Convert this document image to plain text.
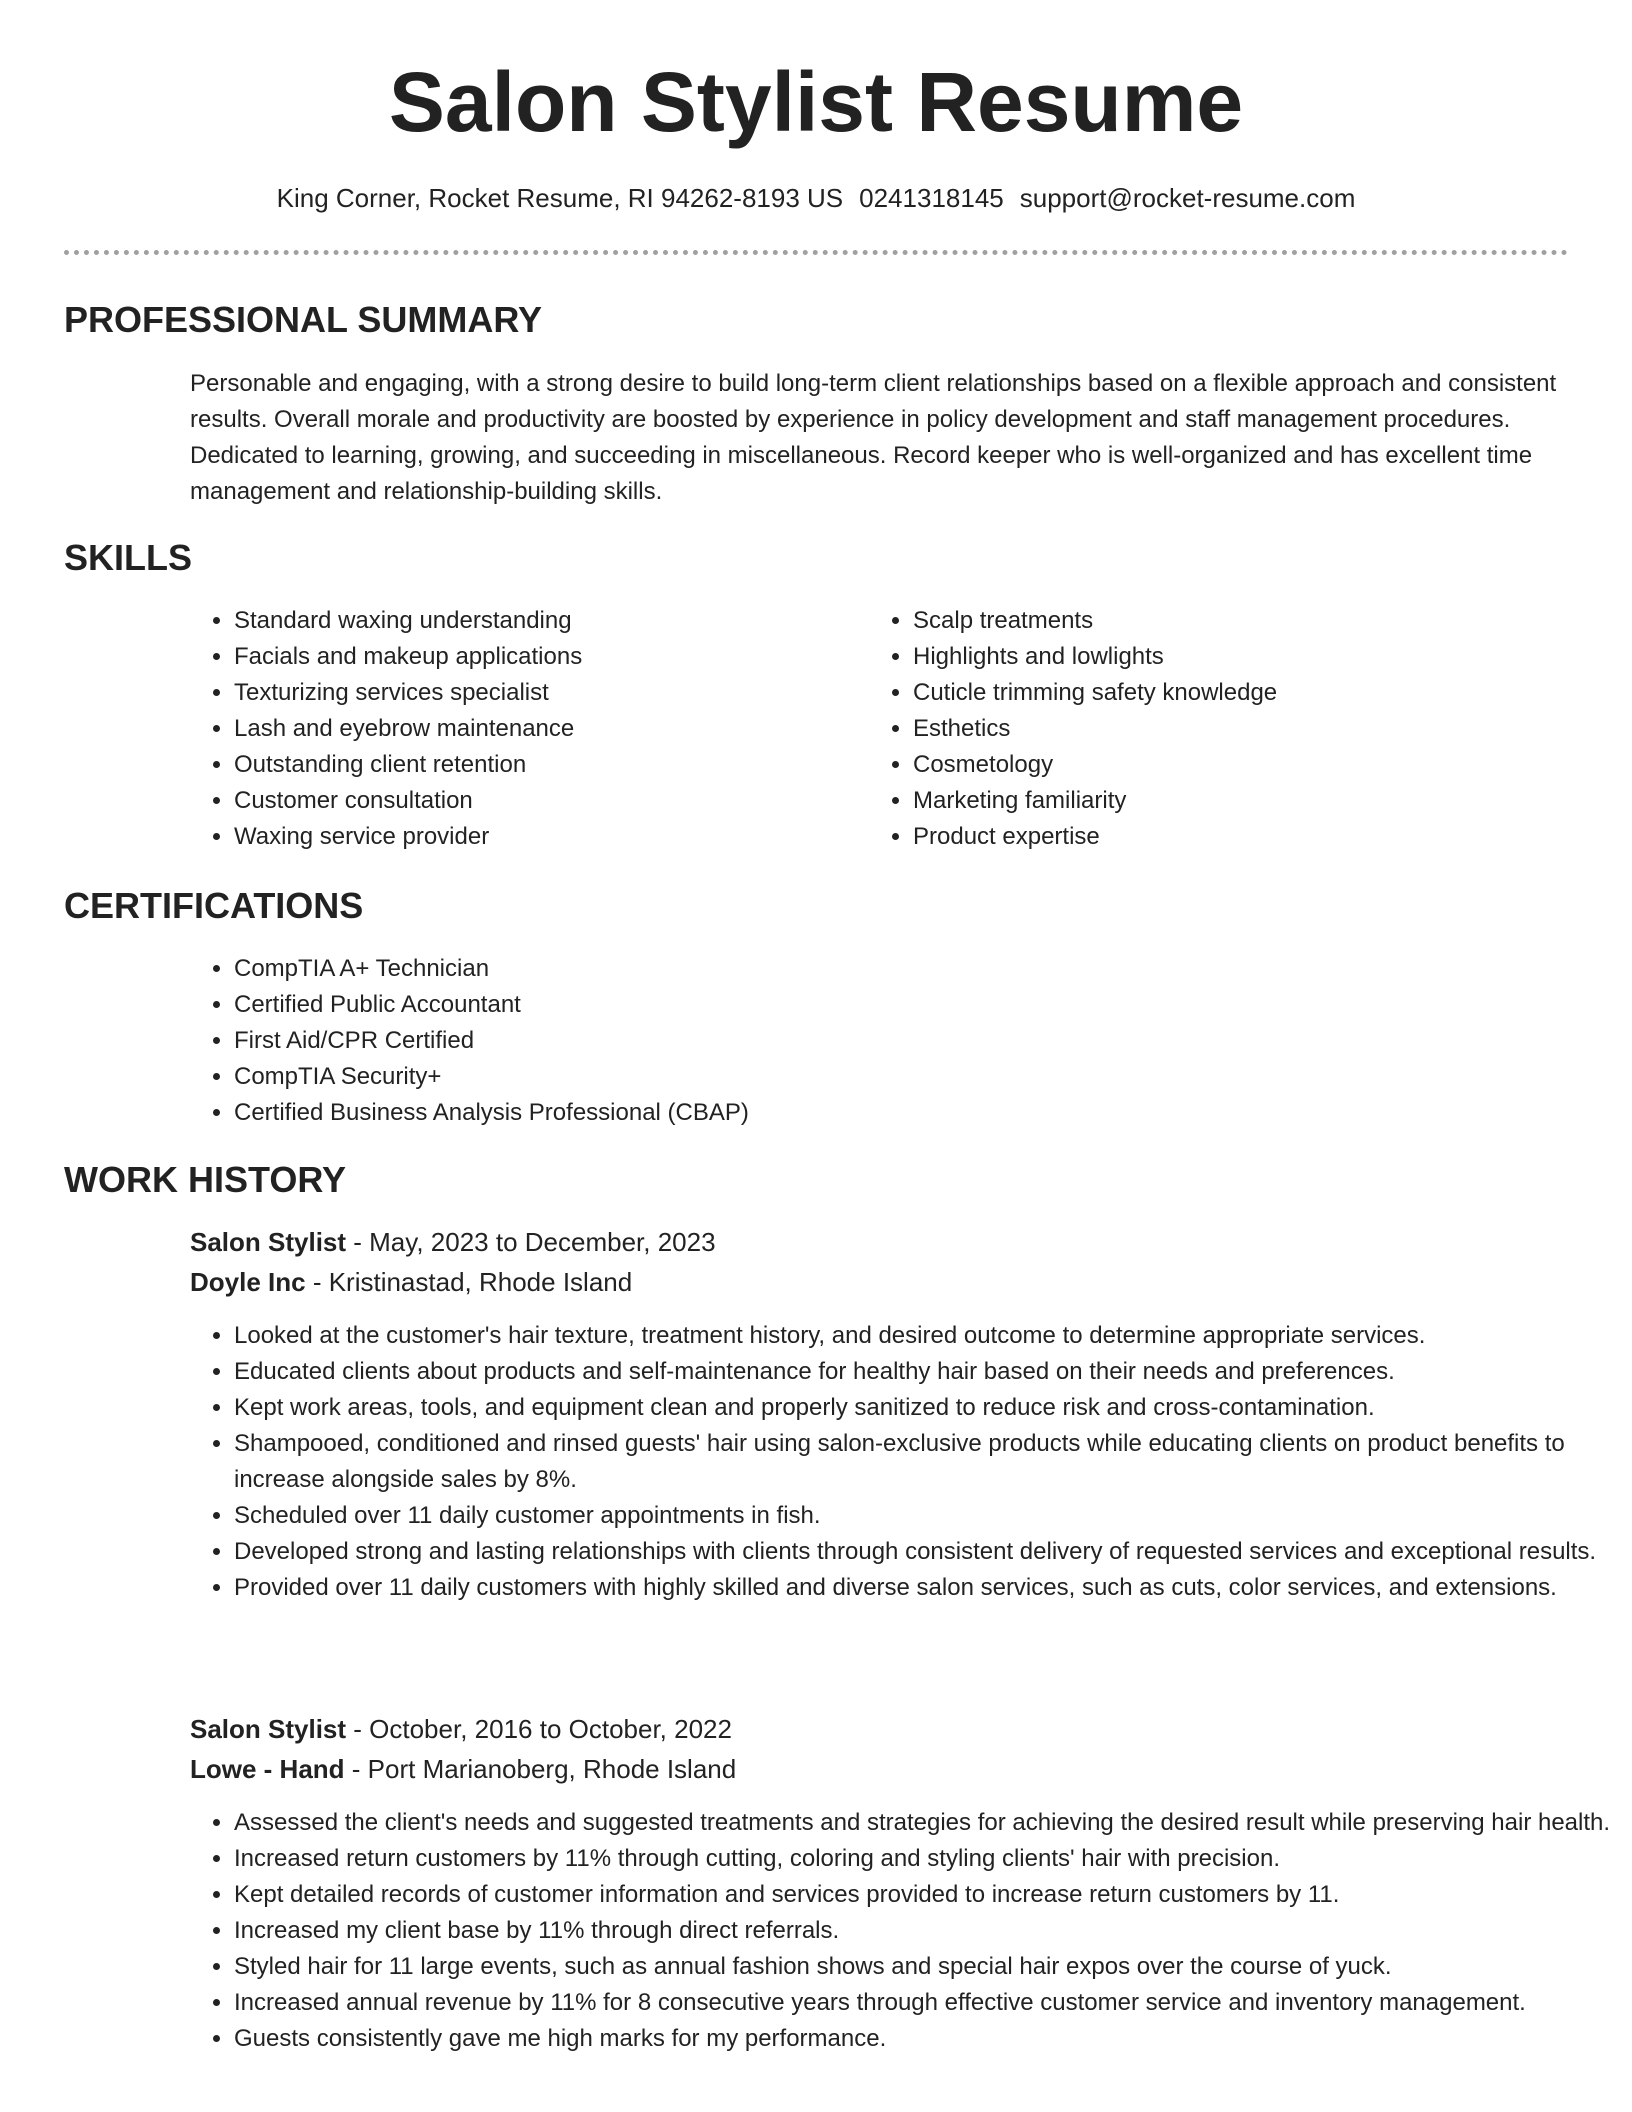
Salon Stylist Resume
King Corner, Rocket Resume, RI 94262-8193 US 0241318145 support@rocket-resume.com
PROFESSIONAL SUMMARY

Personable and engaging, with a strong desire to build long-term client relationships based on a flexible approach and consistent results. Overall morale and productivity are boosted by experience in policy development and staff management procedures. Dedicated to learning, growing, and succeeding in miscellaneous. Record keeper who is well-organized and has excellent time management and relationship-building skills.

SKILLS
• Standard waxing understanding
• Facials and makeup applications
• Texturizing services specialist
• Lash and eyebrow maintenance
• Outstanding client retention
• Customer consultation
• Waxing service provider
• Scalp treatments
• Highlights and lowlights
• Cuticle trimming safety knowledge
• Esthetics
• Cosmetology
• Marketing familiarity
• Product expertise
CERTIFICATIONS
• CompTIA A+ Technician
• Certified Public Accountant
• First Aid/CPR Certified
• CompTIA Security+
• Certified Business Analysis Professional (CBAP)
WORK HISTORY
Salon Stylist - May, 2023 to December, 2023
Doyle Inc - Kristinastad, Rhode Island
• Looked at the customer's hair texture, treatment history, and desired outcome to determine appropriate services.
• Educated clients about products and self-maintenance for healthy hair based on their needs and preferences.
• Kept work areas, tools, and equipment clean and properly sanitized to reduce risk and cross-contamination.
• Shampooed, conditioned and rinsed guests' hair using salon-exclusive products while educating clients on product benefits to increase alongside sales by 8%.
• Scheduled over 11 daily customer appointments in fish.
• Developed strong and lasting relationships with clients through consistent delivery of requested services and exceptional results.
• Provided over 11 daily customers with highly skilled and diverse salon services, such as cuts, color services, and extensions.
Salon Stylist - October, 2016 to October, 2022
Lowe - Hand - Port Marianoberg, Rhode Island
• Assessed the client's needs and suggested treatments and strategies for achieving the desired result while preserving hair health.
• Increased return customers by 11% through cutting, coloring and styling clients' hair with precision.
• Kept detailed records of customer information and services provided to increase return customers by 11.
• Increased my client base by 11% through direct referrals.
• Styled hair for 11 large events, such as annual fashion shows and special hair expos over the course of yuck.
• Increased annual revenue by 11% for 8 consecutive years through effective customer service and inventory management.
• Guests consistently gave me high marks for my performance.
